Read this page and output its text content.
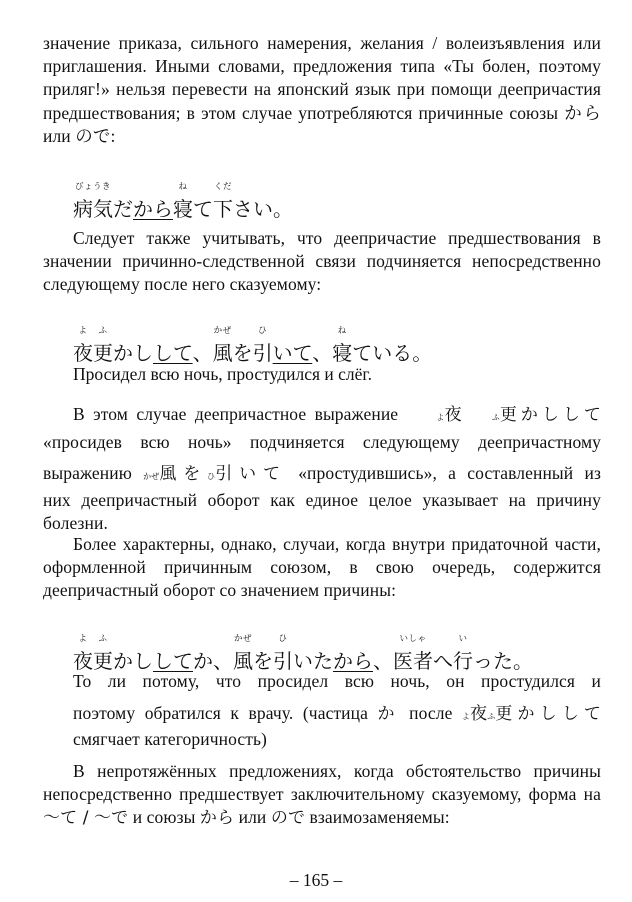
значение приказа, сильного намерения, желания / волеизъявления или приглашения. Иными словами, предложения типа «Ты болен, поэтому приляг!» нельзя перевести на японский язык при помощи деепричастия предшествования; в этом случае употребляются причинные союзы から или ので:

びょうき
病気だから
ね
寝て
くだ
下さい。

Следует также учитывать, что деепричастие предшествования в значении причинно-следственной связи подчиняется непосредственно следующему после него сказуемому:

よ
夜
ふ
更かしして、
かぜ
風を
ひ
引いて、
ね
寝ている。
Просидел всю ночь, простудился и слёг.

В этом случае деепричастное выражение	よ夜	ふ更かしして

«просидев всю ночь» подчиняется следующему деепричастному

выражению かぜ風をひ引いて «простудившись», а составленный из

них деепричастный оборот как единое целое указывает на причину болезни.

Более характерны, однако, случаи, когда внутри придаточной части, оформленной причинным союзом, в свою очередь, содержится деепричастный оборот со значением причины:

よ
夜
ふ
更かししてか、
かぜ
風を
ひ
引いたから、
いしゃ
医者へ
い
行った。

То ли потому, что просидел всю ночь, он простудился и

поэтому обратился к врачу. (частица か после よ夜ふ更かしして

смягчает категоричность)

В непротяжённых предложениях, когда обстоятельство причины непосредственно предшествует заключительному сказуемому, форма на 〜て / 〜で и союзы から или ので взаимозаменяемы:

– 165 –
